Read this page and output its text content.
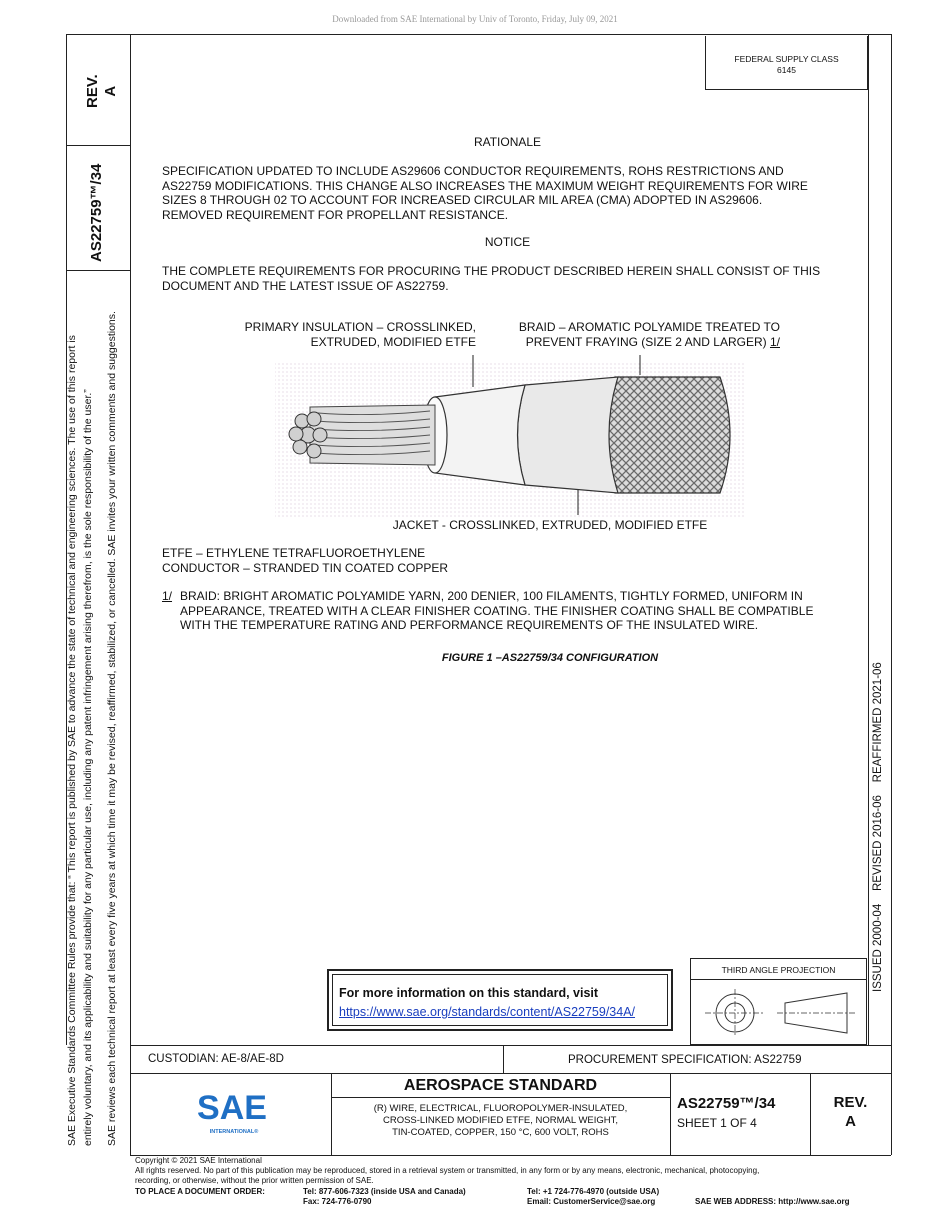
Downloaded from SAE International by Univ of Toronto, Friday, July 09, 2021
REV. A
AS22759™/34
SAE Executive Standards Committee Rules provide that: “ This report is published by SAE to advance the state of technical and engineering sciences. The use of this report is entirely voluntary, and its applicability and suitability for any particular use, including any patent infringement arising therefrom, is the sole responsibility of the user.” SAE reviews each technical report at least every five years at which time it may be revised, reaffirmed, stabilized, or cancelled. SAE invites your written comments and suggestions.	ISSUED 2000-04    REVISED 2016-06    REAFFIRMED 2021-06
FEDERAL SUPPLY CLASS
6145
RATIONALE
SPECIFICATION UPDATED TO INCLUDE AS29606 CONDUCTOR REQUIREMENTS, ROHS RESTRICTIONS AND
AS22759 MODIFICATIONS. THIS CHANGE ALSO INCREASES THE MAXIMUM WEIGHT REQUIREMENTS FOR WIRE
SIZES 8 THROUGH 02 TO ACCOUNT FOR INCREASED CIRCULAR MIL AREA (CMA) ADOPTED IN AS29606.
REMOVED REQUIREMENT FOR PROPELLANT RESISTANCE.
NOTICE
THE COMPLETE REQUIREMENTS FOR PROCURING THE PRODUCT DESCRIBED HEREIN SHALL CONSIST OF THIS
DOCUMENT AND THE LATEST ISSUE OF AS22759.
PRIMARY INSULATION – CROSSLINKED,
EXTRUDED, MODIFIED ETFE
BRAID – AROMATIC POLYAMIDE TREATED TO
PREVENT FRAYING (SIZE 2 AND LARGER) 1/
JACKET - CROSSLINKED, EXTRUDED, MODIFIED ETFE
ETFE – ETHYLENE TETRAFLUOROETHYLENE
CONDUCTOR – STRANDED TIN COATED COPPER
1/ BRAID: BRIGHT AROMATIC POLYAMIDE YARN, 200 DENIER, 100 FILAMENTS, TIGHTLY FORMED, UNIFORM IN
APPEARANCE, TREATED WITH A CLEAR FINISHER COATING. THE FINISHER COATING SHALL BE COMPATIBLE
WITH THE TEMPERATURE RATING AND PERFORMANCE REQUIREMENTS OF THE INSULATED WIRE.
FIGURE 1 –AS22759/34 CONFIGURATION
For more information on this standard, visit
https://www.sae.org/standards/content/AS22759/34A/
THIRD ANGLE PROJECTION
CUSTODIAN: AE-8/AE-8D	PROCUREMENT SPECIFICATION: AS22759
SAE
INTERNATIONAL®
AEROSPACE STANDARD
(R) WIRE, ELECTRICAL, FLUOROPOLYMER-INSULATED,
CROSS-LINKED MODIFIED ETFE, NORMAL WEIGHT,
TIN-COATED, COPPER, 150 °C, 600 VOLT, ROHS
AS22759™/34
SHEET 1 OF 4
REV.
A
Copyright © 2021 SAE International
All rights reserved. No part of this publication may be reproduced, stored in a retrieval system or transmitted, in any form or by any means, electronic, mechanical, photocopying,
recording, or otherwise, without the prior written permission of SAE.
TO PLACE A DOCUMENT ORDER:	Tel: 877-606-7323 (inside USA and Canada)
Fax: 724-776-0790
Tel: +1 724-776-4970 (outside USA)
Email: CustomerService@sae.org	SAE WEB ADDRESS: http://www.sae.org
